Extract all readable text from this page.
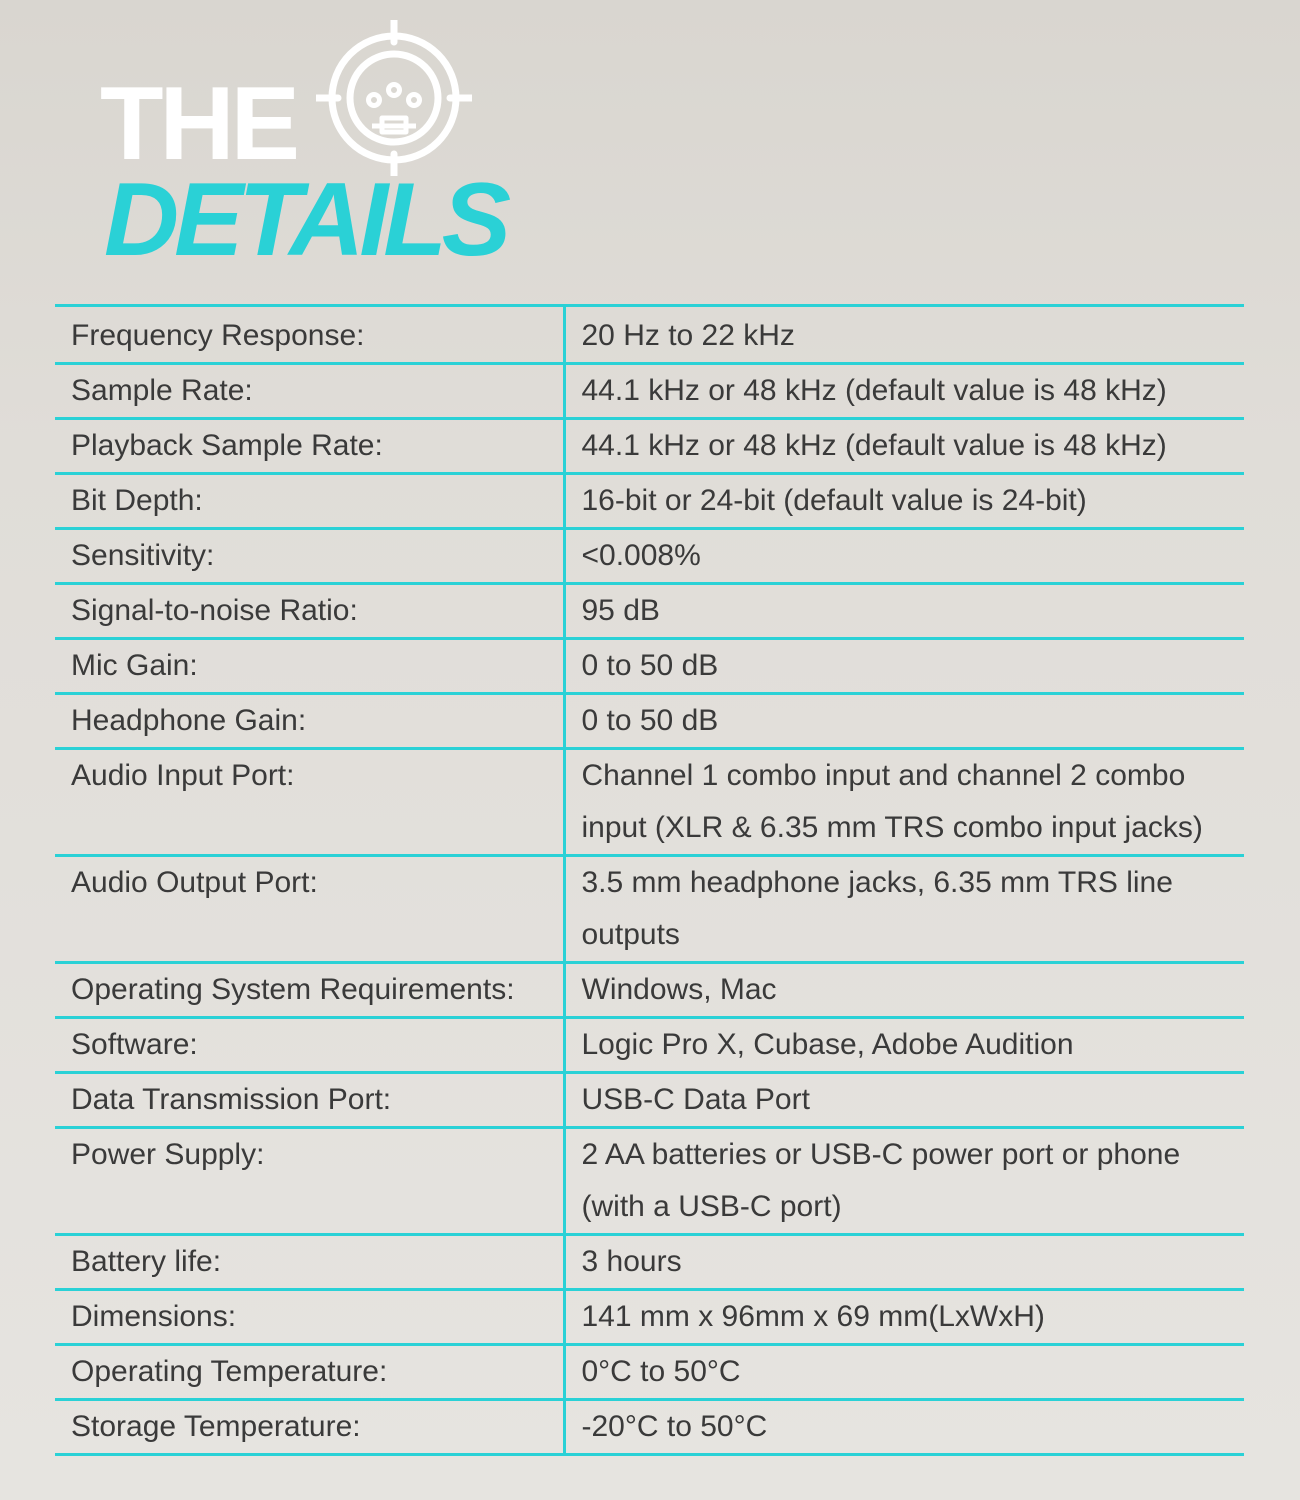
THE
DETAILS
Frequency Response:	20 Hz to 22 kHz
Sample Rate:	44.1 kHz or 48 kHz (default value is 48 kHz)
Playback Sample Rate:	44.1 kHz or 48 kHz (default value is 48 kHz)
Bit Depth:	16-bit or 24-bit (default value is 24-bit)
Sensitivity:	<0.008%
Signal-to-noise Ratio:	95 dB
Mic Gain:	0 to 50 dB
Headphone Gain:	0 to 50 dB
Audio Input Port:	Channel 1 combo input and channel 2 combo input (XLR & 6.35 mm TRS combo input jacks)
Audio Output Port:	3.5 mm headphone jacks, 6.35 mm TRS line outputs
Operating System Requirements:	Windows, Mac
Software:	Logic Pro X, Cubase, Adobe Audition
Data Transmission Port:	USB-C Data Port
Power Supply:	2 AA batteries or USB-C power port or phone (with a USB-C port)
Battery life:	3 hours
Dimensions:	141 mm x 96mm x 69 mm(LxWxH)
Operating Temperature:	0°C to 50°C
Storage Temperature:	-20°C to 50°C
